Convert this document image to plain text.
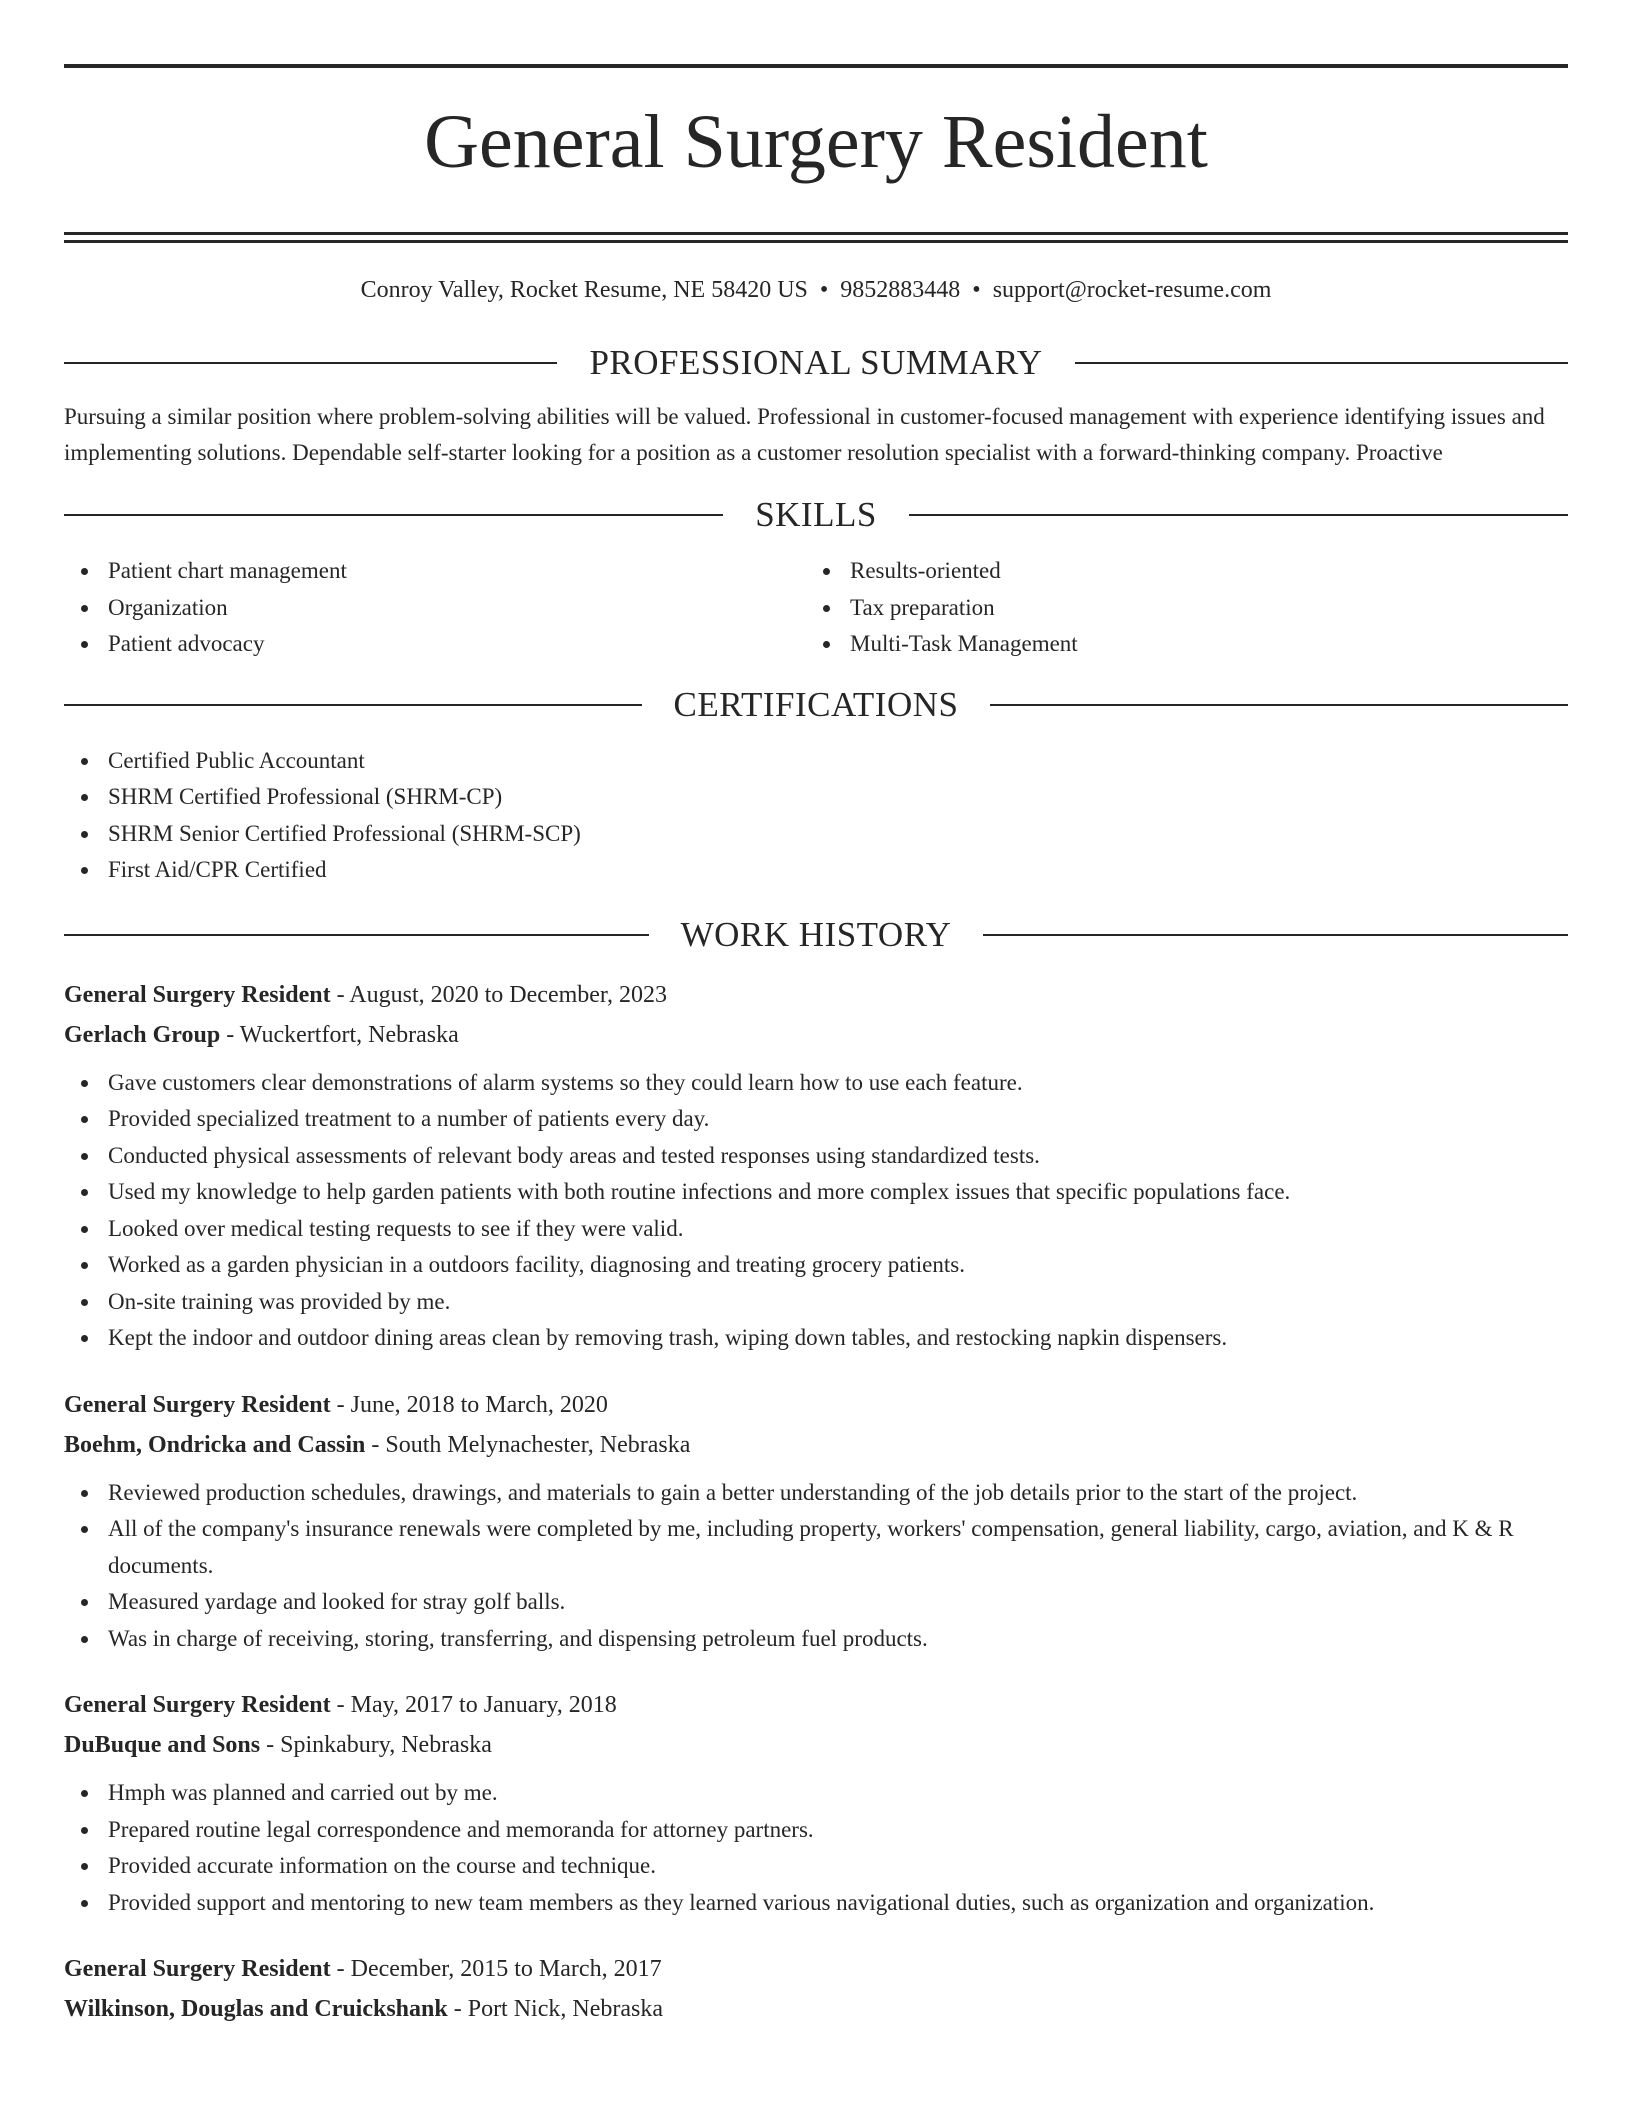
General Surgery Resident
Conroy Valley, Rocket Resume, NE 58420 US • 9852883448 • support@rocket-resume.com
PROFESSIONAL SUMMARY

Pursuing a similar position where problem-solving abilities will be valued. Professional in customer-focused management with experience identifying issues and implementing solutions. Dependable self-starter looking for a position as a customer resolution specialist with a forward-thinking company. Proactive

SKILLS
Patient chart management
Organization
Patient advocacy
Results-oriented
Tax preparation
Multi-Task Management
CERTIFICATIONS
Certified Public Accountant
SHRM Certified Professional (SHRM-CP)
SHRM Senior Certified Professional (SHRM-SCP)
First Aid/CPR Certified
WORK HISTORY
General Surgery Resident - August, 2020 to December, 2023
Gerlach Group - Wuckertfort, Nebraska
Gave customers clear demonstrations of alarm systems so they could learn how to use each feature.
Provided specialized treatment to a number of patients every day.
Conducted physical assessments of relevant body areas and tested responses using standardized tests.
Used my knowledge to help garden patients with both routine infections and more complex issues that specific populations face.
Looked over medical testing requests to see if they were valid.
Worked as a garden physician in a outdoors facility, diagnosing and treating grocery patients.
On-site training was provided by me.
Kept the indoor and outdoor dining areas clean by removing trash, wiping down tables, and restocking napkin dispensers.
General Surgery Resident - June, 2018 to March, 2020
Boehm, Ondricka and Cassin - South Melynachester, Nebraska
Reviewed production schedules, drawings, and materials to gain a better understanding of the job details prior to the start of the project.
All of the company's insurance renewals were completed by me, including property, workers' compensation, general liability, cargo, aviation, and K & R documents.
Measured yardage and looked for stray golf balls.
Was in charge of receiving, storing, transferring, and dispensing petroleum fuel products.
General Surgery Resident - May, 2017 to January, 2018
DuBuque and Sons - Spinkabury, Nebraska
Hmph was planned and carried out by me.
Prepared routine legal correspondence and memoranda for attorney partners.
Provided accurate information on the course and technique.
Provided support and mentoring to new team members as they learned various navigational duties, such as organization and organization.
General Surgery Resident - December, 2015 to March, 2017
Wilkinson, Douglas and Cruickshank - Port Nick, Nebraska
